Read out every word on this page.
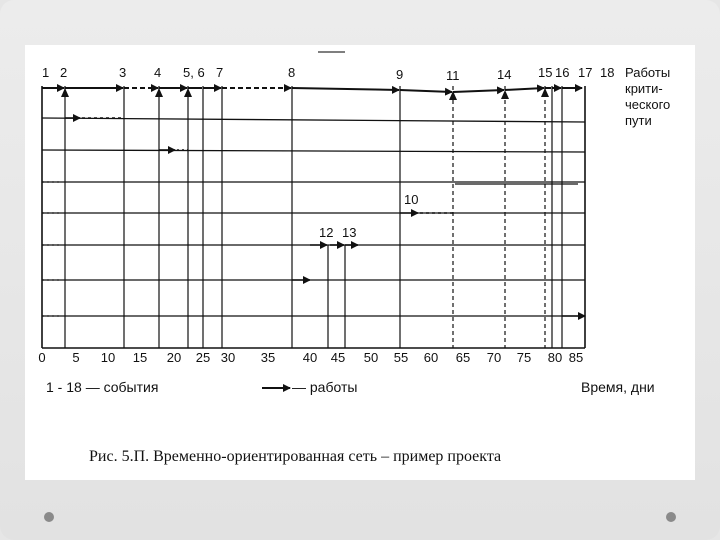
1 2	3 4 5, 6 7	8	9	11	14 15 16 17 18
10
12 13
Работы
крити-
ческого
пути
0 5 10 15 20 25 30 35 40 45 50 55 60 65 70 75 80 85
1 - 18 — события	— работы	Время, дни
Рис. 5.П. Временно-ориентированная сеть – пример проекта
